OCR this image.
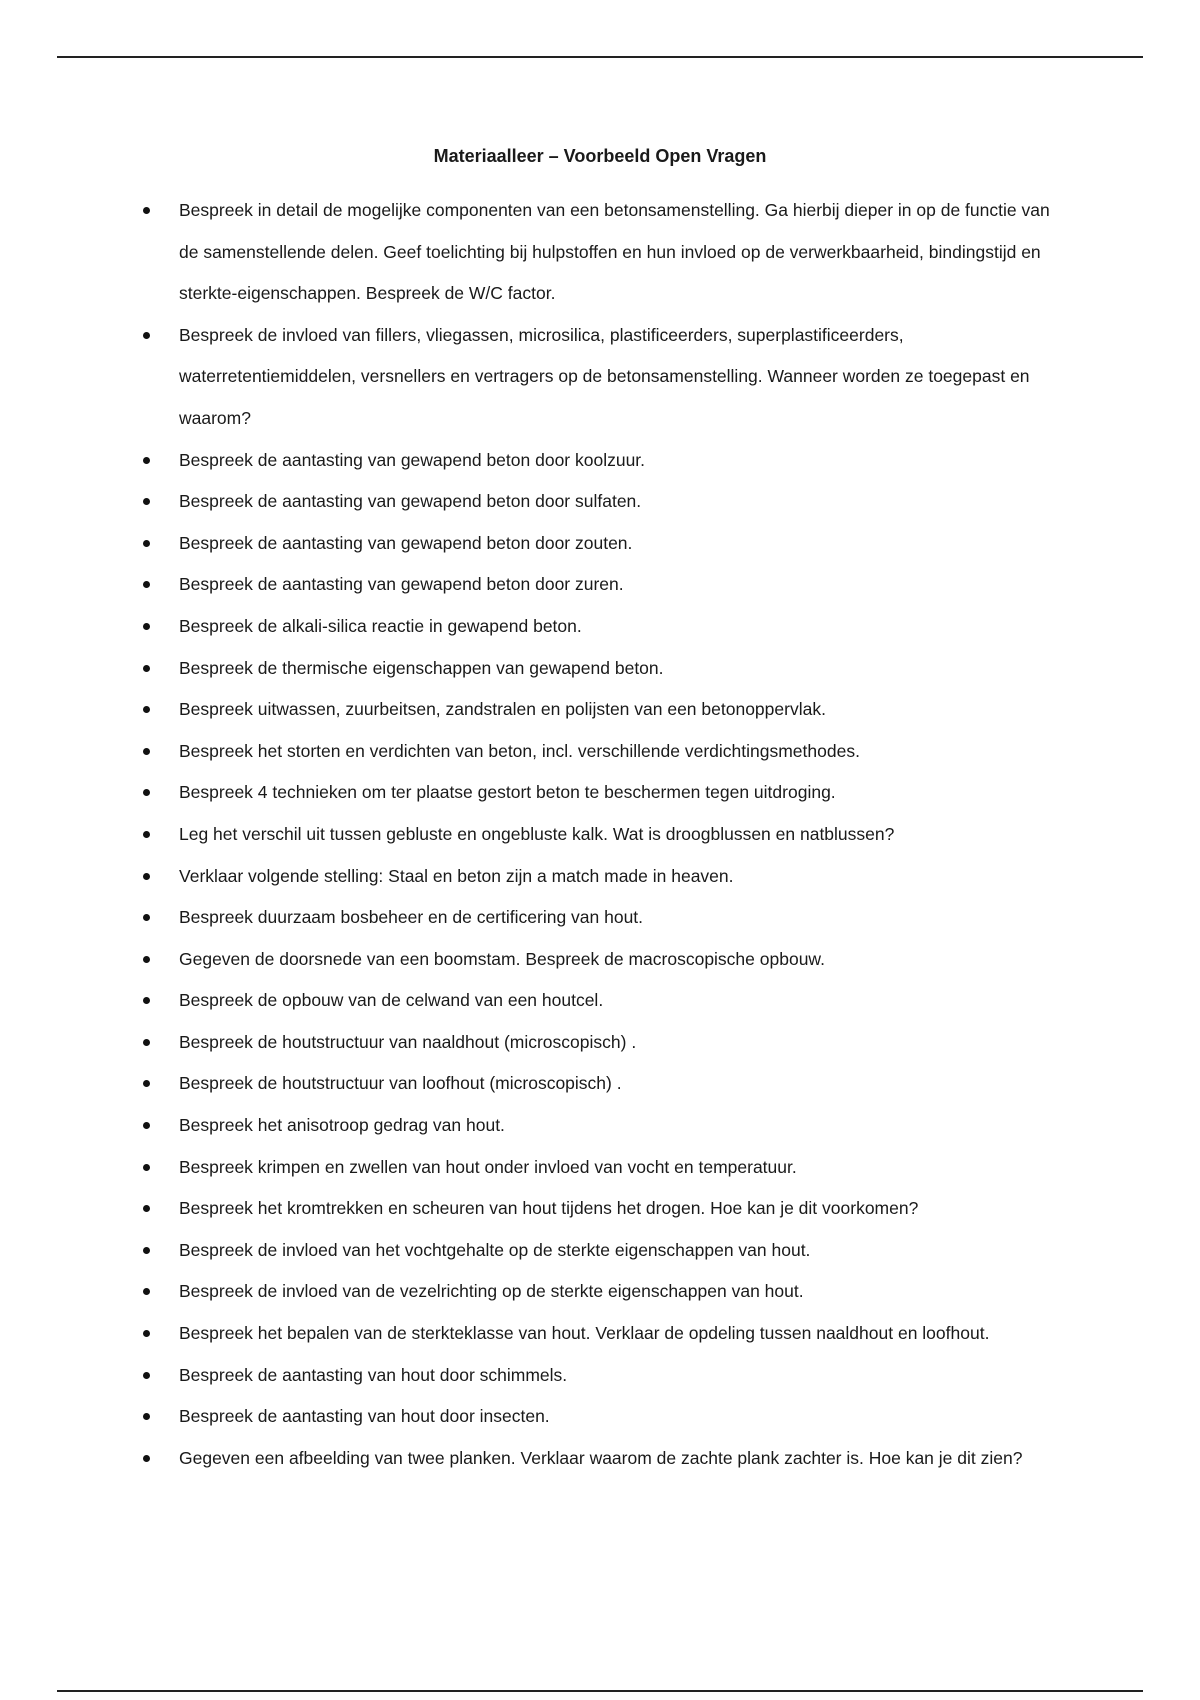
Materiaalleer – Voorbeeld Open Vragen
Bespreek in detail de mogelijke componenten van een betonsamenstelling. Ga hierbij dieper in op de functie van de samenstellende delen. Geef toelichting bij hulpstoffen en hun invloed op de verwerkbaarheid, bindingstijd en sterkte-eigenschappen. Bespreek de W/C factor.
Bespreek de invloed van fillers, vliegassen, microsilica, plastificeerders, superplastificeerders, waterretentiemiddelen, versnellers en vertragers op de betonsamenstelling. Wanneer worden ze toegepast en waarom?
Bespreek de aantasting van gewapend beton door koolzuur.
Bespreek de aantasting van gewapend beton door sulfaten.
Bespreek de aantasting van gewapend beton door zouten.
Bespreek de aantasting van gewapend beton door zuren.
Bespreek de alkali-silica reactie in gewapend beton.
Bespreek de thermische eigenschappen van gewapend beton.
Bespreek uitwassen, zuurbeitsen, zandstralen en polijsten van een betonoppervlak.
Bespreek het storten en verdichten van beton, incl. verschillende verdichtingsmethodes.
Bespreek 4 technieken om ter plaatse gestort beton te beschermen tegen uitdroging.
Leg het verschil uit tussen gebluste en ongebluste kalk. Wat is droogblussen en natblussen?
Verklaar volgende stelling: Staal en beton zijn a match made in heaven.
Bespreek duurzaam bosbeheer en de certificering van hout.
Gegeven de doorsnede van een boomstam. Bespreek de macroscopische opbouw.
Bespreek de opbouw van de celwand van een houtcel.
Bespreek de houtstructuur van naaldhout (microscopisch) .
Bespreek de houtstructuur van loofhout (microscopisch) .
Bespreek het anisotroop gedrag van hout.
Bespreek krimpen en zwellen van hout onder invloed van vocht en temperatuur.
Bespreek het kromtrekken en scheuren van hout tijdens het drogen. Hoe kan je dit voorkomen?
Bespreek de invloed van het vochtgehalte op de sterkte eigenschappen van hout.
Bespreek de invloed van de vezelrichting op de sterkte eigenschappen van hout.
Bespreek het bepalen van de sterkteklasse van hout. Verklaar de opdeling tussen naaldhout en loofhout.
Bespreek de aantasting van hout door schimmels.
Bespreek de aantasting van hout door insecten.
Gegeven een afbeelding van twee planken. Verklaar waarom de zachte plank zachter is. Hoe kan je dit zien?
